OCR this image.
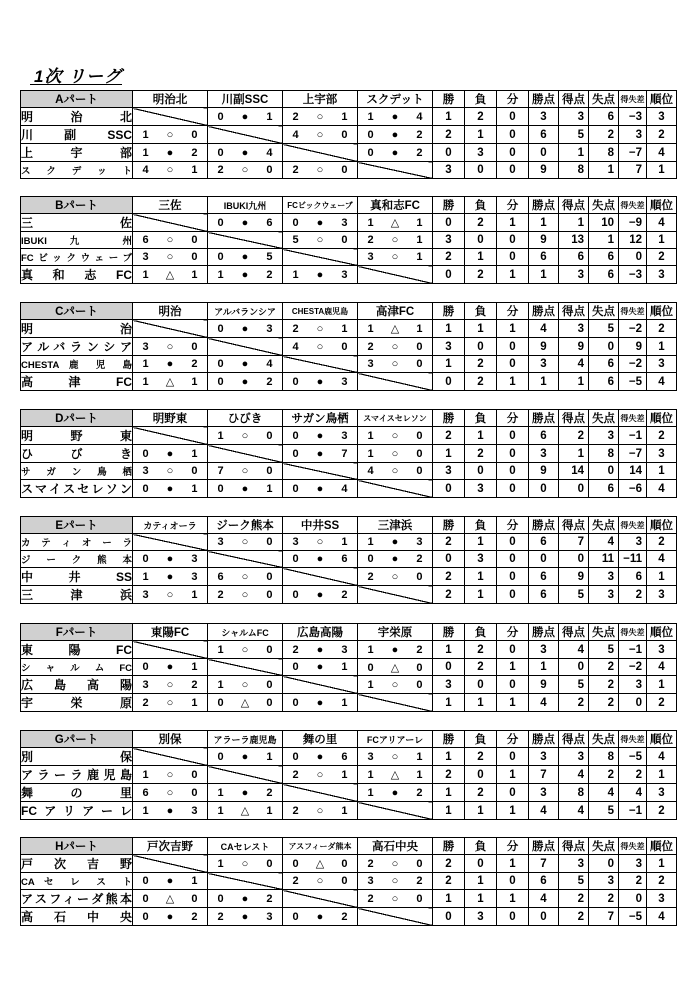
1次 リーグ
Aパート	明治北	川副SSC	上宇部	スクデット	勝	負	分	勝点	得点	失点	得失差	順位
明　治　北		0 ● 1	2 ○ 1	1 ● 4	1	2	0	3	3	6	−3	3
川　副　SSC	1 ○ 0		4 ○ 0	0 ● 2	2	1	0	6	5	2	3	2
上　宇　部	1 ● 2	0 ● 4		0 ● 2	0	3	0	0	1	8	−7	4
ス ク デ ッ ト	4 ○ 1	2 ○ 0	2 ○ 0		3	0	0	9	8	1	7	1
Bパート	三佐	IBUKI九州	FCビックウェーブ	真和志FC	勝	負	分	勝点	得点	失点	得失差	順位
三　　佐		0 ● 6	0 ● 3	1 △ 1	0	2	1	1	1	10	−9	4
IBUKI 九 州	6 ○ 0		5 ○ 0	2 ○ 1	3	0	0	9	13	1	12	1
FCビックウェーブ	3 ○ 0	0 ● 5		3 ○ 1	2	1	0	6	6	6	0	2
真 和 志 FC	1 △ 1	1 ● 2	1 ● 3		0	2	1	1	3	6	−3	3
Cパート	明治	アルバランシア	CHESTA鹿児島	高津FC	勝	負	分	勝点	得点	失点	得失差	順位
明　　治		0 ● 3	2 ○ 1	1 △ 1	1	1	1	4	3	5	−2	2
アルバランシア	3 ○ 0		4 ○ 0	2 ○ 0	3	0	0	9	9	0	9	1
CHESTA 鹿 児 島	1 ● 2	0 ● 4		3 ○ 0	1	2	0	3	4	6	−2	3
高　津　FC	1 △ 1	0 ● 2	0 ● 3		0	2	1	1	1	6	−5	4
Dパート	明野東	ひびき	サガン鳥栖	スマイスセレソン	勝	負	分	勝点	得点	失点	得失差	順位
明　野　東		1 ○ 0	0 ● 3	1 ○ 0	2	1	0	6	2	3	−1	2
ひ　び　き	0 ● 1		0 ● 7	1 ○ 0	1	2	0	3	1	8	−7	3
サ ガ ン 鳥 栖	3 ○ 0	7 ○ 0		4 ○ 0	3	0	0	9	14	0	14	1
スマイスセレソン	0 ● 1	0 ● 1	0 ● 4		0	3	0	0	0	6	−6	4
Eパート	カティオーラ	ジーク熊本	中井SS	三津浜	勝	負	分	勝点	得点	失点	得失差	順位
カ テ ィ オ ー ラ		3 ○ 0	3 ○ 1	1 ● 3	2	1	0	6	7	4	3	2
ジ ー ク 熊 本	0 ● 3		0 ● 6	0 ● 2	0	3	0	0	0	11	−11	4
中　井　SS	1 ● 3	6 ○ 0		2 ○ 0	2	1	0	6	9	3	6	1
三　津　浜	3 ○ 1	2 ○ 0	0 ● 2		2	1	0	6	5	3	2	3
Fパート	東陽FC	シャルムFC	広島高陽	宇栄原	勝	負	分	勝点	得点	失点	得失差	順位
東　陽　FC		1 ○ 0	2 ● 3	1 ● 2	1	2	0	3	4	5	−1	3
シ ャ ル ム FC	0 ● 1		0 ● 1	0 △ 0	0	2	1	1	0	2	−2	4
広　島　高　陽	3 ○ 2	1 ○ 0		1 ○ 0	3	0	0	9	5	2	3	1
宇　栄　原	2 ○ 1	0 △ 0	0 ● 1		1	1	1	4	2	2	0	2
Gパート	別保	アラーラ鹿児島	舞の里	FCアリアーレ	勝	負	分	勝点	得点	失点	得失差	順位
別　　保		0 ● 1	0 ● 6	3 ○ 1	1	2	0	3	3	8	−5	4
アラーラ鹿児島	1 ○ 0		2 ○ 1	1 △ 1	2	0	1	7	4	2	2	1
舞　の　里	6 ○ 0	1 ● 2		1 ● 2	1	2	0	3	8	4	4	3
FCアリアーレ	1 ● 3	1 △ 1	2 ○ 1		1	1	1	4	4	5	−1	2
Hパート	戸次吉野	CAセレスト	アスフィーダ熊本	高石中央	勝	負	分	勝点	得点	失点	得失差	順位
戸　次　吉　野		1 ○ 0	0 △ 0	2 ○ 0	2	0	1	7	3	0	3	1
CA セ レ ス ト	0 ● 1		2 ○ 0	3 ○ 2	2	1	0	6	5	3	2	2
アスフィーダ熊本	0 △ 0	0 ● 2		2 ○ 0	1	1	1	4	2	2	0	3
高　石　中　央	0 ● 2	2 ● 3	0 ● 2		0	3	0	0	2	7	−5	4
